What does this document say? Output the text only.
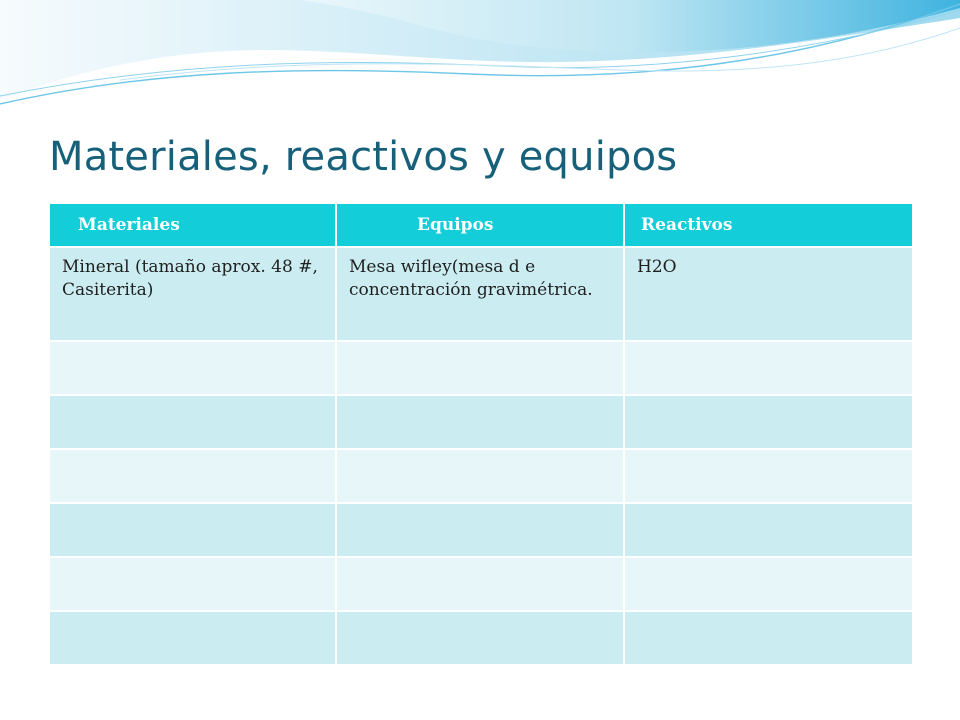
Materiales, reactivos y equipos
Materiales	Equipos	Reactivos
Mineral (tamaño aprox. 48 #, Casiterita)	Mesa wifley(mesa d e concentración gravimétrica.	H2O
